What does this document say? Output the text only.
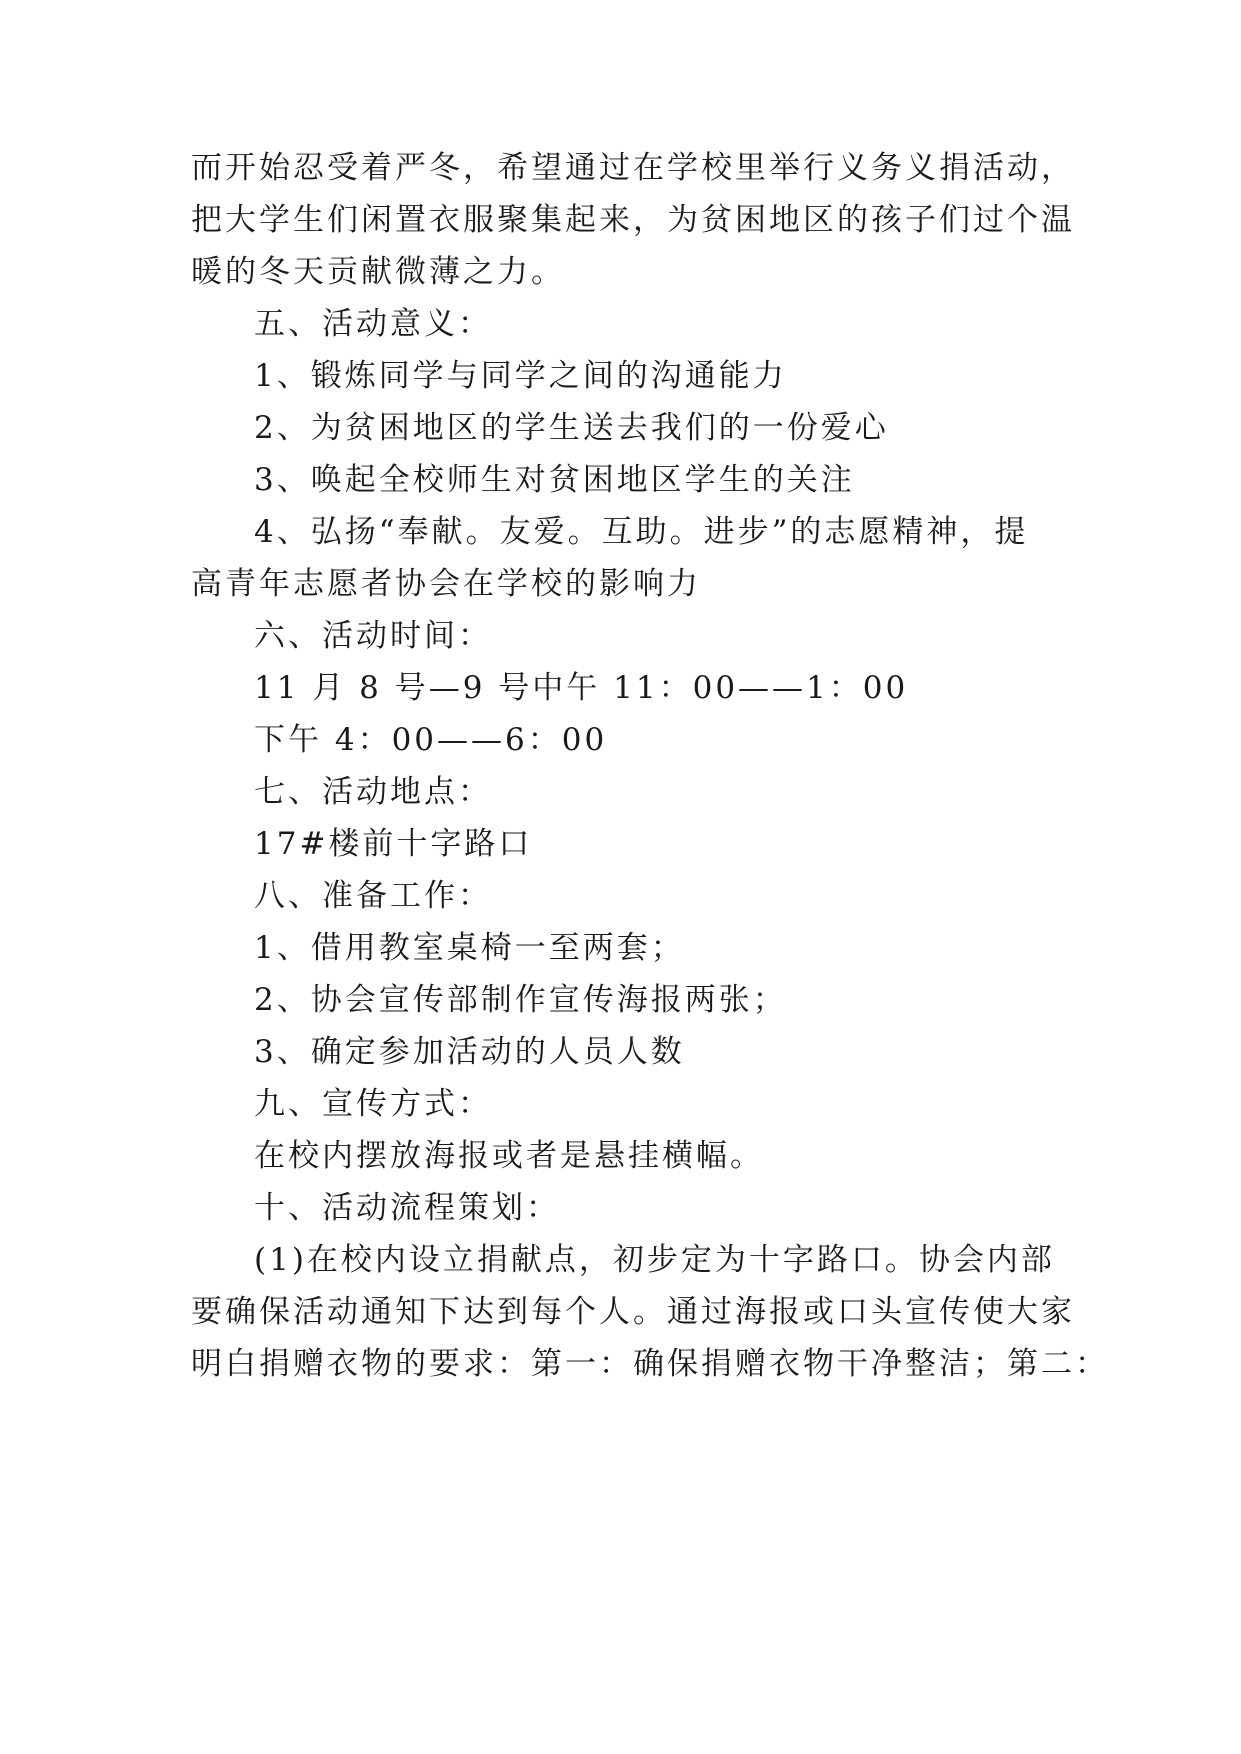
而开始忍受着严冬，希望通过在学校里举行义务义捐活动，

把大学生们闲置衣服聚集起来，为贫困地区的孩子们过个温

暖的冬天贡献微薄之力。

五、活动意义：

1、锻炼同学与同学之间的沟通能力

2、为贫困地区的学生送去我们的一份爱心

3、唤起全校师生对贫困地区学生的关注

4、弘扬“奉献。友爱。互助。进步”的志愿精神，提

高青年志愿者协会在学校的影响力

六、活动时间：

11 月 8 号—9 号中午 11：00——1：00

下午 4：00——6：00

七、活动地点：

17#楼前十字路口

八、准备工作：

1、借用教室桌椅一至两套；

2、协会宣传部制作宣传海报两张；

3、确定参加活动的人员人数

九、宣传方式：

在校内摆放海报或者是悬挂横幅。

十、活动流程策划：

(1)在校内设立捐献点，初步定为十字路口。协会内部

要确保活动通知下达到每个人。通过海报或口头宣传使大家

明白捐赠衣物的要求：第一：确保捐赠衣物干净整洁；第二：
